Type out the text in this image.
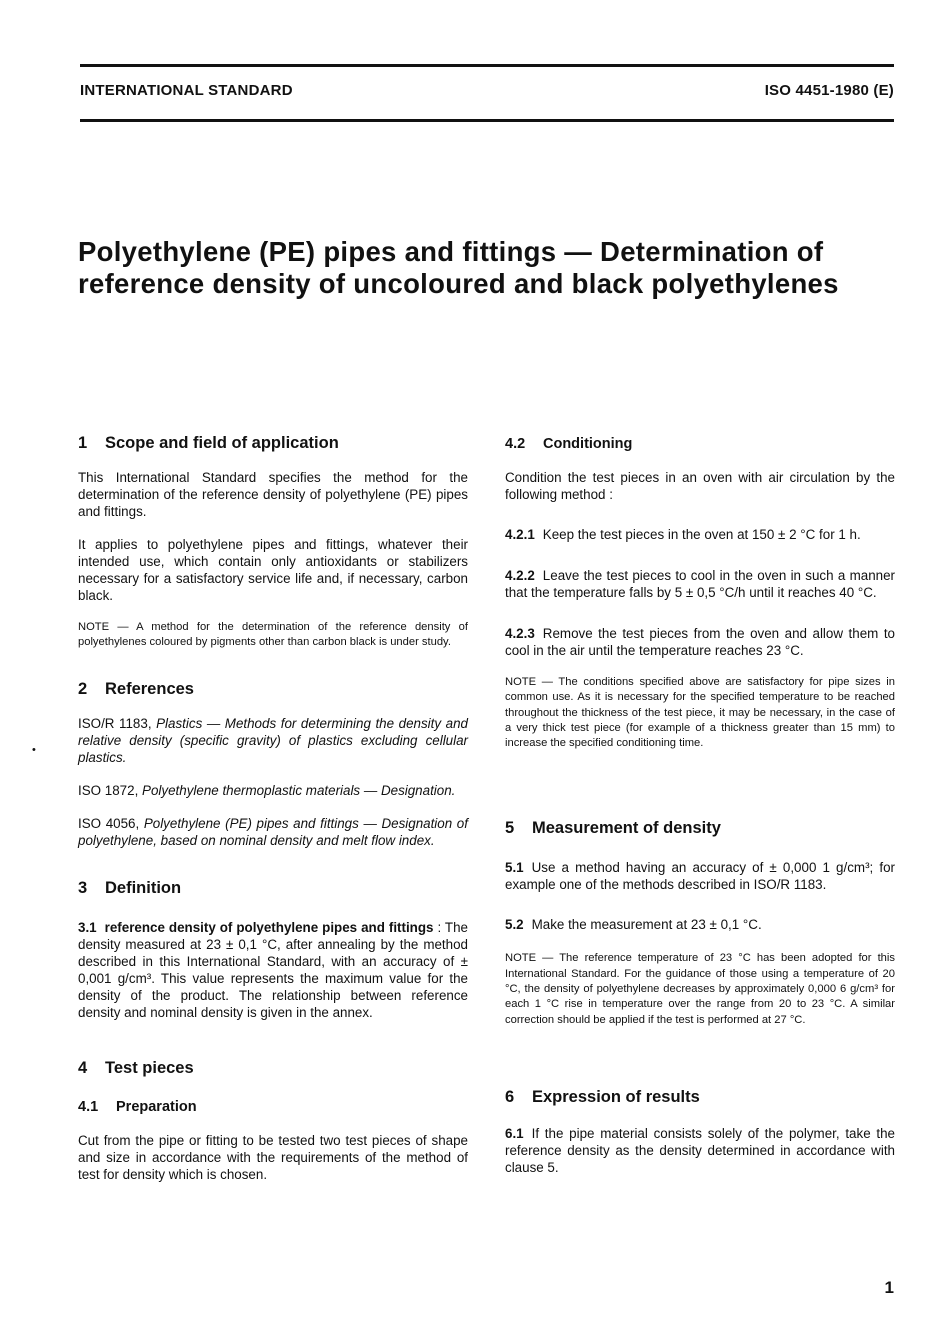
INTERNATIONAL STANDARD	ISO 4451-1980 (E)
Polyethylene (PE) pipes and fittings — Determination of
reference density of uncoloured and black polyethylenes
•
1 Scope and field of application

This International Standard specifies the method for the determination of the reference density of polyethylene (PE) pipes and fittings.

It applies to polyethylene pipes and fittings, whatever their intended use, which contain only antioxidants or stabilizers necessary for a satisfactory service life and, if necessary, carbon black.

NOTE — A method for the determination of the reference density of polyethylenes coloured by pigments other than carbon black is under study.

2 References

ISO/R 1183, Plastics — Methods for determining the density and relative density (specific gravity) of plastics excluding cellular plastics.

ISO 1872, Polyethylene thermoplastic materials — Designation.

ISO 4056, Polyethylene (PE) pipes and fittings — Designation of polyethylene, based on nominal density and melt flow index.

3 Definition

3.1 reference density of polyethylene pipes and fittings : The density measured at 23 ± 0,1 °C, after annealing by the method described in this International Standard, with an accuracy of ± 0,001 g/cm³. This value represents the maximum value for the density of the product. The relationship between reference density and nominal density is given in the annex.

4 Test pieces
4.1 Preparation

Cut from the pipe or fitting to be tested two test pieces of shape and size in accordance with the requirements of the method of test for density which is chosen.

4.2 Conditioning

Condition the test pieces in an oven with air circulation by the following method :

4.2.1 Keep the test pieces in the oven at 150 ± 2 °C for 1 h.

4.2.2 Leave the test pieces to cool in the oven in such a manner that the temperature falls by 5 ± 0,5 °C/h until it reaches 40 °C.

4.2.3 Remove the test pieces from the oven and allow them to cool in the air until the temperature reaches 23 °C.

NOTE — The conditions specified above are satisfactory for pipe sizes in common use. As it is necessary for the specified temperature to be reached throughout the thickness of the test piece, it may be necessary, in the case of a very thick test piece (for example of a thickness greater than 15 mm) to increase the specified conditioning time.

5 Measurement of density

5.1 Use a method having an accuracy of ± 0,000 1 g/cm³; for example one of the methods described in ISO/R 1183.

5.2 Make the measurement at 23 ± 0,1 °C.

NOTE — The reference temperature of 23 °C has been adopted for this International Standard. For the guidance of those using a temperature of 20 °C, the density of polyethylene decreases by approximately 0,000 6 g/cm³ for each 1 °C rise in temperature over the range from 20 to 23 °C. A similar correction should be applied if the test is performed at 27 °C.

6 Expression of results

6.1 If the pipe material consists solely of the polymer, take the reference density as the density determined in accordance with clause 5.

1
